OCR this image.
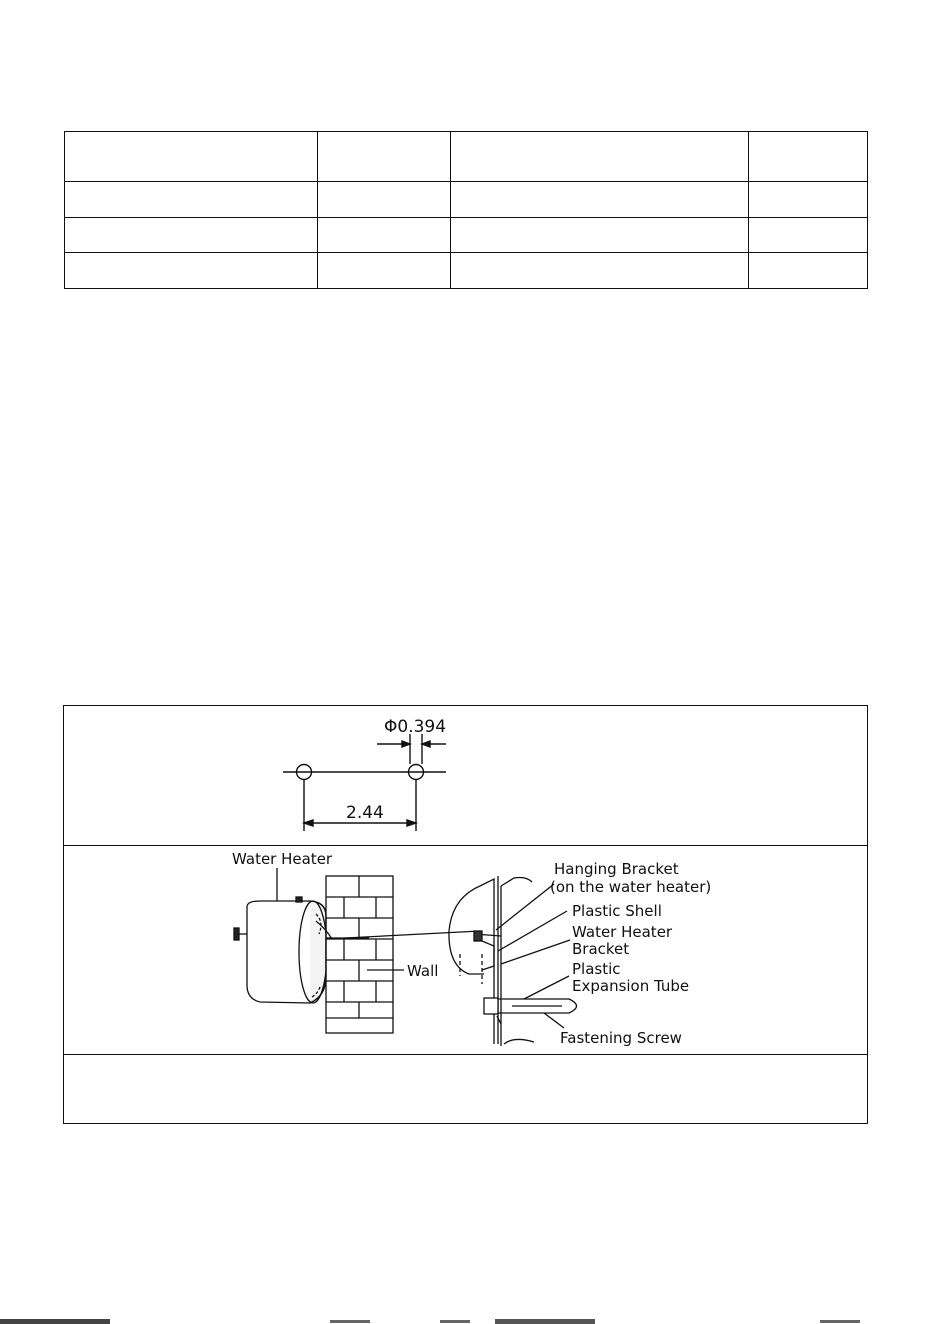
Φ0.394
2.44
Water Heater
Wall
Hanging Bracket
(on the water heater)
Plastic Shell
Water Heater
Bracket
Plastic
Expansion Tube
Fastening Screw
